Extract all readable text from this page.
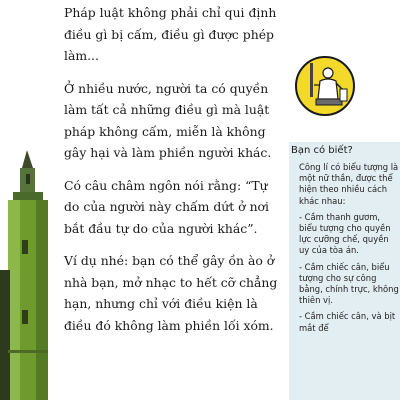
Pháp luật không phải chỉ qui định điều gì bị cấm, điều gì được phép làm...

Ở nhiều nước, người ta có quyền làm tất cả những điều gì mà luật pháp không cấm, miễn là không gây hại và làm phiền người khác.

Có câu châm ngôn nói rằng: “Tự do của người này chấm dứt ở nơi bắt đầu tự do của người khác”.

Ví dụ nhé: bạn có thể gây ồn ào ở nhà bạn, mở nhạc to hết cỡ chẳng hạn, nhưng chỉ với điều kiện là điều đó không làm phiền lối xóm.

Bạn có biết?

Công lí có biểu tượng là một nữ thần, được thể hiện theo nhiều cách khác nhau:

- Cầm thanh gươm, biểu tượng cho quyền lực cưỡng chế, quyền uy của tòa án.

- Cầm chiếc cân, biểu tượng cho sự công bằng, chính trực, không thiên vị.

- Cầm chiếc cân, và bịt mắt để
